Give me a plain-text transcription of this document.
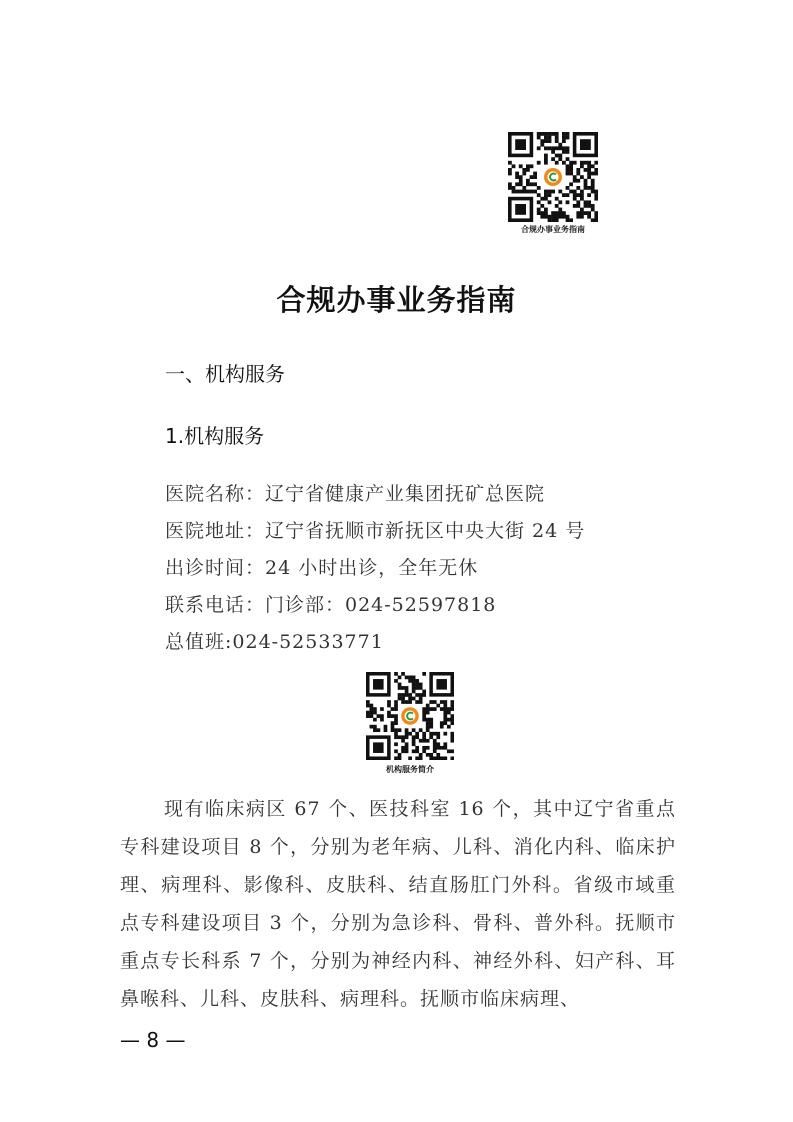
合规办事业务指南
合规办事业务指南
一、机构服务
1.机构服务
医院名称：辽宁省健康产业集团抚矿总医院
医院地址：辽宁省抚顺市新抚区中央大街 24 号
出诊时间：24 小时出诊，全年无休
联系电话：门诊部：024-52597818
总值班:024-52533771
机构服务简介
现有临床病区 67 个、医技科室 16 个，其中辽宁省重点专科建设项目 8 个，分别为老年病、儿科、消化内科、临床护理、病理科、影像科、皮肤科、结直肠肛门外科。省级市域重点专科建设项目 3 个，分别为急诊科、骨科、普外科。抚顺市重点专长科系 7 个，分别为神经内科、神经外科、妇产科、耳鼻喉科、儿科、皮肤科、病理科。抚顺市临床病理、
— 8 —
